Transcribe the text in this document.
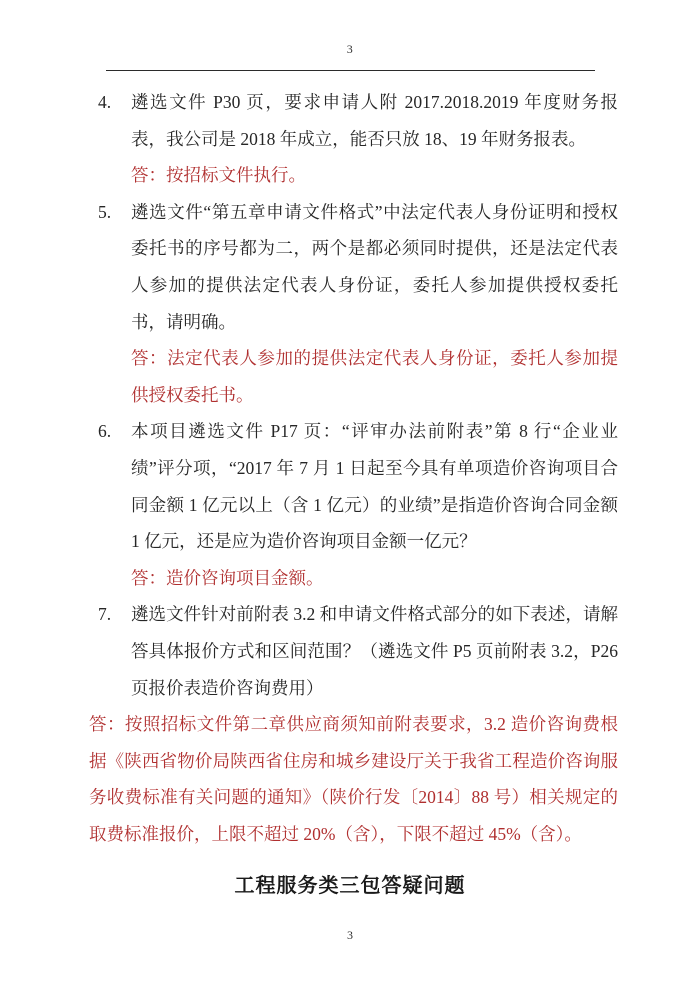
3
4.	遴选文件 P30 页，要求申请人附 2017.2018.2019 年度财务报表，我公司是 2018 年成立，能否只放 18、19 年财务报表。
答：按招标文件执行。
5.	遴选文件“第五章申请文件格式”中法定代表人身份证明和授权委托书的序号都为二，两个是都必须同时提供，还是法定代表人参加的提供法定代表人身份证，委托人参加提供授权委托书，请明确。
答：法定代表人参加的提供法定代表人身份证，委托人参加提供授权委托书。
6.	本项目遴选文件 P17 页：“评审办法前附表”第 8 行“企业业绩”评分项，“2017 年 7 月 1 日起至今具有单项造价咨询项目合同金额 1 亿元以上（含 1 亿元）的业绩”是指造价咨询合同金额 1 亿元，还是应为造价咨询项目金额一亿元？
答：造价咨询项目金额。
7.	遴选文件针对前附表 3.2 和申请文件格式部分的如下表述，请解答具体报价方式和区间范围？（遴选文件 P5 页前附表 3.2，P26 页报价表造价咨询费用）
答：按照招标文件第二章供应商须知前附表要求，3.2 造价咨询费根据《陕西省物价局陕西省住房和城乡建设厅关于我省工程造价咨询服务收费标准有关问题的通知》（陕价行发〔2014〕88 号）相关规定的取费标准报价，上限不超过 20%（含），下限不超过 45%（含）。
工程服务类三包答疑问题
3
